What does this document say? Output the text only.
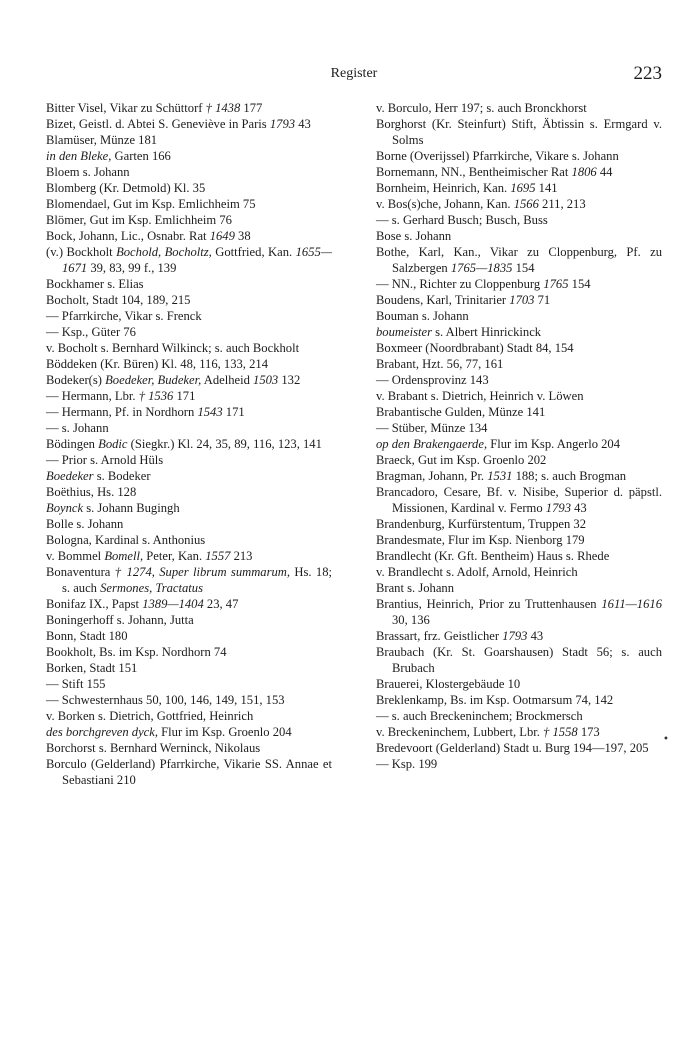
Register	223
Bitter Visel, Vikar zu Schüttorf † 1438 177
Bizet, Geistl. d. Abtei S. Geneviève in Paris 1793 43
Blamüser, Münze 181
in den Bleke, Garten 166
Bloem s. Johann
Blomberg (Kr. Detmold) Kl. 35
Blomendael, Gut im Ksp. Emlichheim 75
Blömer, Gut im Ksp. Emlichheim 76
Bock, Johann, Lic., Osnabr. Rat 1649 38
(v.) Bockholt Bochold, Bocholtz, Gottfried, Kan. 1655—1671 39, 83, 99 f., 139
Bockhamer s. Elias
Bocholt, Stadt 104, 189, 215
— Pfarrkirche, Vikar s. Frenck
— Ksp., Güter 76
v. Bocholt s. Bernhard Wilkinck; s. auch Bockholt
Böddeken (Kr. Büren) Kl. 48, 116, 133, 214
Bodeker(s) Boedeker, Budeker, Adelheid 1503 132
— Hermann, Lbr. † 1536 171
— Hermann, Pf. in Nordhorn 1543 171
— s. Johann
Bödingen Bodic (Siegkr.) Kl. 24, 35, 89, 116, 123, 141
— Prior s. Arnold Hüls
Boedeker s. Bodeker
Boëthius, Hs. 128
Boynck s. Johann Bugingh
Bolle s. Johann
Bologna, Kardinal s. Anthonius
v. Bommel Bomell, Peter, Kan. 1557 213
Bonaventura † 1274, Super librum summarum, Hs. 18; s. auch Sermones, Tractatus
Bonifaz IX., Papst 1389—1404 23, 47
Boningerhoff s. Johann, Jutta
Bonn, Stadt 180
Bookholt, Bs. im Ksp. Nordhorn 74
Borken, Stadt 151
— Stift 155
— Schwesternhaus 50, 100, 146, 149, 151, 153
v. Borken s. Dietrich, Gottfried, Heinrich
des borchgreven dyck, Flur im Ksp. Groenlo 204
Borchorst s. Bernhard Werninck, Nikolaus
Borculo (Gelderland) Pfarrkirche, Vikarie SS. Annae et Sebastiani 210
v. Borculo, Herr 197; s. auch Bronckhorst
Borghorst (Kr. Steinfurt) Stift, Äbtissin s. Ermgard v. Solms
Borne (Overijssel) Pfarrkirche, Vikare s. Johann
Bornemann, NN., Bentheimischer Rat 1806 44
Bornheim, Heinrich, Kan. 1695 141
v. Bos(s)che, Johann, Kan. 1566 211, 213
— s. Gerhard Busch; Busch, Buss
Bose s. Johann
Bothe, Karl, Kan., Vikar zu Cloppenburg, Pf. zu Salzbergen 1765—1835 154
— NN., Richter zu Cloppenburg 1765 154
Boudens, Karl, Trinitarier 1703 71
Bouman s. Johann
boumeister s. Albert Hinrickinck
Boxmeer (Noordbrabant) Stadt 84, 154
Brabant, Hzt. 56, 77, 161
— Ordensprovinz 143
v. Brabant s. Dietrich, Heinrich v. Löwen
Brabantische Gulden, Münze 141
— Stüber, Münze 134
op den Brakengaerde, Flur im Ksp. Angerlo 204
Braeck, Gut im Ksp. Groenlo 202
Bragman, Johann, Pr. 1531 188; s. auch Brogman
Brancadoro, Cesare, Bf. v. Nisibe, Superior d. päpstl. Missionen, Kardinal v. Fermo 1793 43
Brandenburg, Kurfürstentum, Truppen 32
Brandesmate, Flur im Ksp. Nienborg 179
Brandlecht (Kr. Gft. Bentheim) Haus s. Rhede
v. Brandlecht s. Adolf, Arnold, Heinrich
Brant s. Johann
Brantius, Heinrich, Prior zu Truttenhausen 1611—1616 30, 136
Brassart, frz. Geistlicher 1793 43
Braubach (Kr. St. Goarshausen) Stadt 56; s. auch Brubach
Brauerei, Klostergebäude 10
Breklenkamp, Bs. im Ksp. Ootmarsum 74, 142
— s. auch Breckeninchem; Brockmersch
v. Breckeninchem, Lubbert, Lbr. † 1558 173
Bredevoort (Gelderland) Stadt u. Burg 194—197, 205
— Ksp. 199
•
